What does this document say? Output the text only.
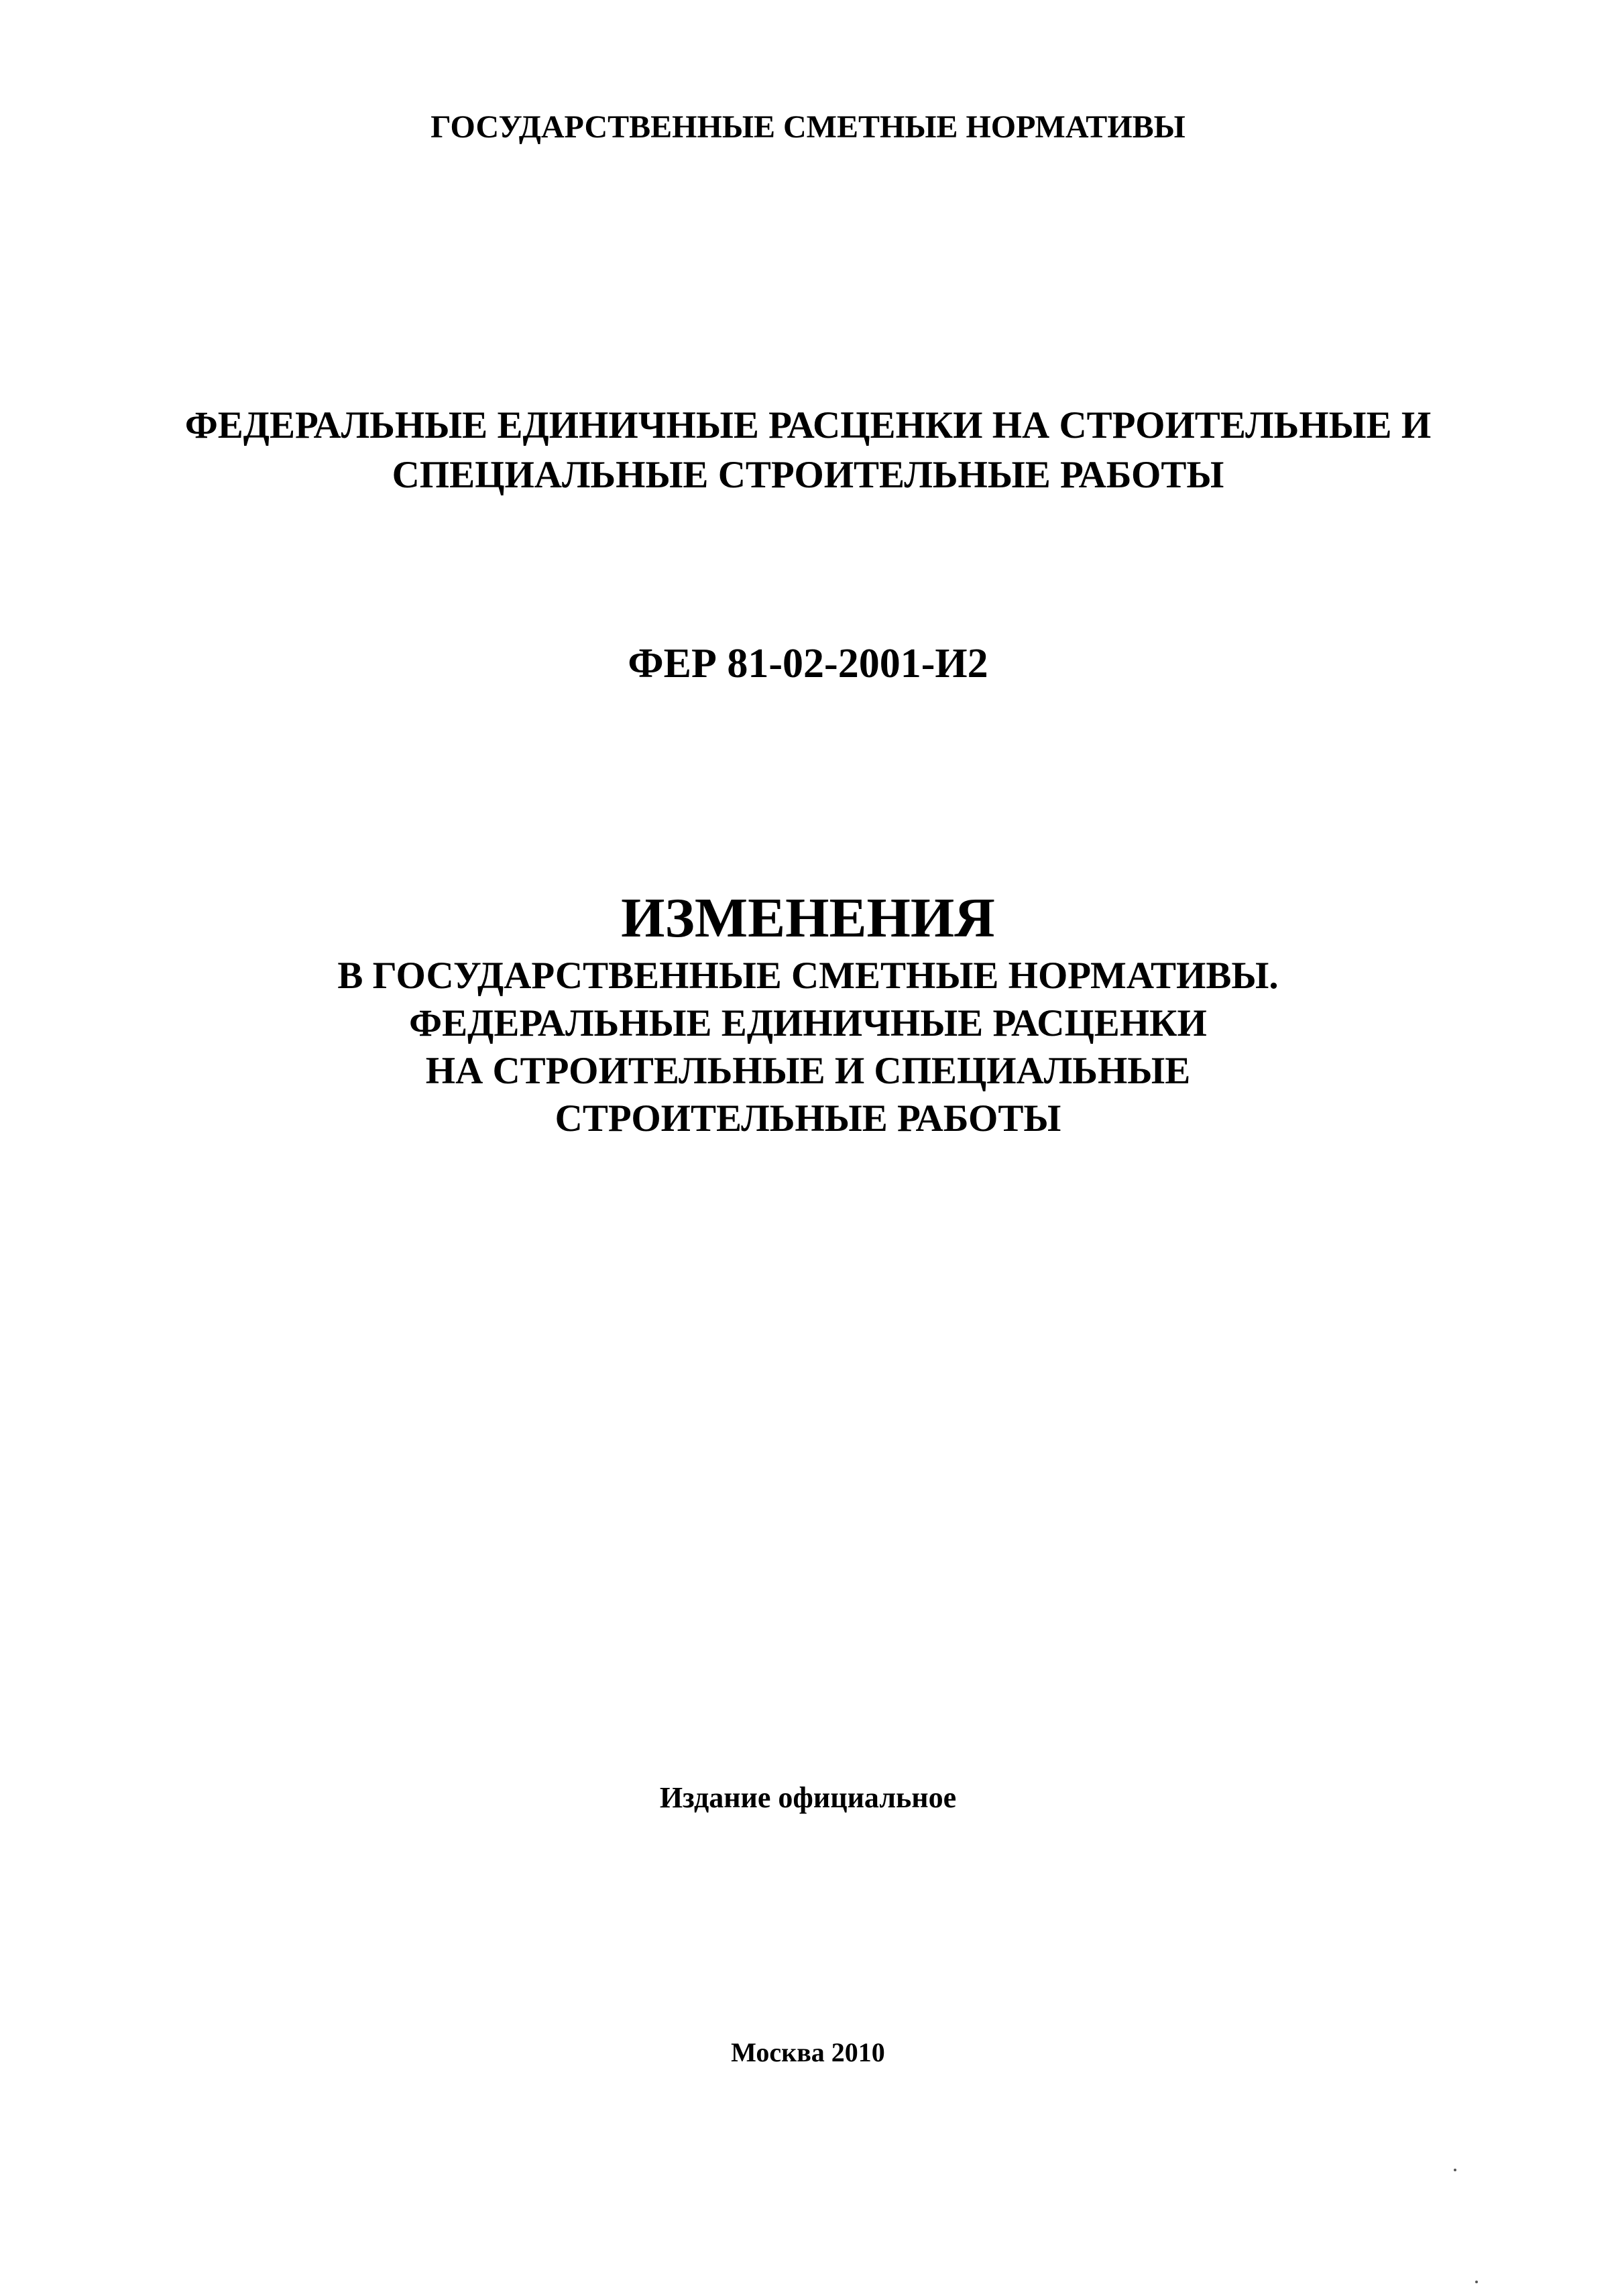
ГОСУДАРСТВЕННЫЕ СМЕТНЫЕ НОРМАТИВЫ
ФЕДЕРАЛЬНЫЕ ЕДИНИЧНЫЕ РАСЦЕНКИ НА СТРОИТЕЛЬНЫЕ И
СПЕЦИАЛЬНЫЕ СТРОИТЕЛЬНЫЕ РАБОТЫ
ФЕР 81-02-2001-И2
ИЗМЕНЕНИЯ
В ГОСУДАРСТВЕННЫЕ СМЕТНЫЕ НОРМАТИВЫ.
ФЕДЕРАЛЬНЫЕ ЕДИНИЧНЫЕ РАСЦЕНКИ
НА СТРОИТЕЛЬНЫЕ И СПЕЦИАЛЬНЫЕ
СТРОИТЕЛЬНЫЕ РАБОТЫ
Издание официальное
Москва 2010
